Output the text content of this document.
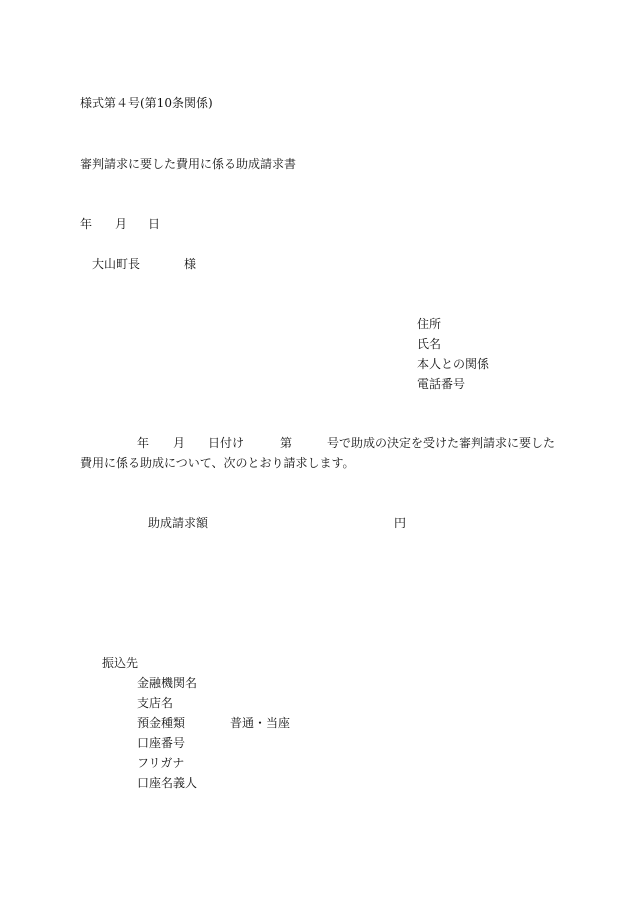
様式第４号(第10条関係)
審判請求に要した費用に係る助成請求書
年 月 日
大山町長	様
住所
氏名
本人との関係
電話番号
年 月 日付け	第	号で助成の決定を受けた審判請求に要した
費用に係る助成について、次のとおり請求します。
助成請求額	円
振込先
金融機関名
支店名
預金種類	普通・当座
口座番号
フリガナ
口座名義人
